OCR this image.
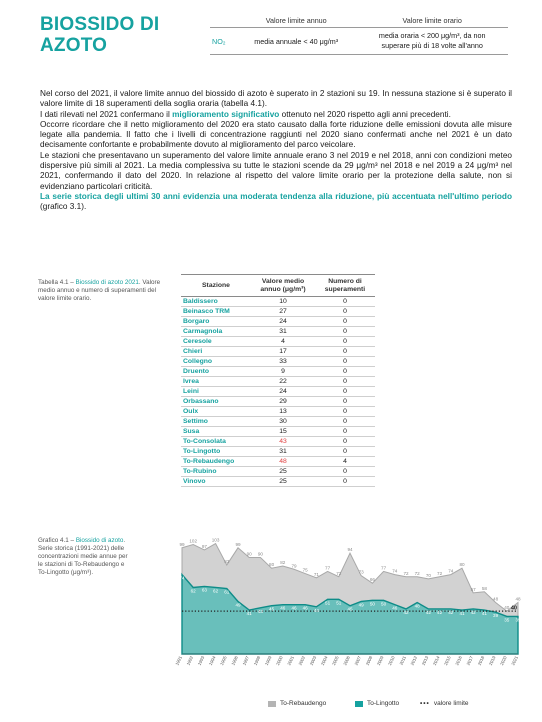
BIOSSIDO DI AZOTO
	Valore limite annuo	Valore limite orario
NO₂	media annuale < 40 μg/m³	media oraria < 200 μg/m³, da non
superare più di 18 volte all'anno

Nel corso del 2021, il valore limite annuo del biossido di azoto è superato in 2 stazioni su 19. In nessuna stazione si è superato il valore limite di 18 superamenti della soglia oraria (tabella 4.1).

I dati rilevati nel 2021 confermano il miglioramento significativo ottenuto nel 2020 rispetto agli anni precedenti.

Occorre ricordare che il netto miglioramento del 2020 era stato causato dalla forte riduzione delle emissioni dovuta alle misure legate alla pandemia. Il fatto che i livelli di concentrazione raggiunti nel 2020 siano confermati anche nel 2021 è un dato decisamente confortante e probabilmente dovuto al miglioramento del parco veicolare.

Le stazioni che presentavano un superamento del valore limite annuale erano 3 nel 2019 e nel 2018, anni con condizioni meteo dispersive più simili al 2021. La media complessiva su tutte le stazioni scende da 29 μg/m³ nel 2018 e nel 2019 a 24 μg/m³ nel 2021, confermando il dato del 2020. In relazione al rispetto del valore limite orario per la protezione della salute, non si evidenziano particolari criticità.

La serie storica degli ultimi 30 anni evidenzia una moderata tendenza alla riduzione, più accentuata nell'ultimo periodo (grafico 3.1).

Tabella 4.1 – Biossido di azoto 2021. Valore medio annuo e numero di superamenti del valore limite orario.
Stazione	Valore medio
annuo (μg/m³)	Numero di
superamenti
Baldissero	10	0
Beinasco TRM	27	0
Borgaro	24	0
Carmagnola	31	0
Ceresole	4	0
Chieri	17	0
Collegno	33	0
Druento	9	0
Ivrea	22	0
Leini	24	0
Orbassano	29	0
Oulx	13	0
Settimo	30	0
Susa	15	0
To-Consolata	43	0
To-Lingotto	31	0
To-Rebaudengo	48	4
To-Rubino	25	0
Vinovo	25	0
Grafico 4.1 – Biossido di azoto. Serie storica (1991-2021) delle concentrazioni medie annue per le stazioni di To-Rebaudengo e To-Lingotto (μg/m³).
40
99
102
97
103
83
99
90 90
80 82
79
75
71
77
72
94
73
66
77
74 72 72 70 72 74
80
57 58
48
40
48
74
62 63 62 61
49
41 43 45 46 46 46 44
51 51
45
49 50 50
46
42
48
42 42 42 41 42 41 39
35 35
1991 1992 1993 1994 1995 1996 1997 1998 1999 2000 2001 2002 2003 2004 2005 2006 2007 2008 2009 2010 2011 2012 2013 2014 2015 2016 2017 2018 2019 2020 2021
To-Rebaudengo	To-Lingotto	••• valore limite
